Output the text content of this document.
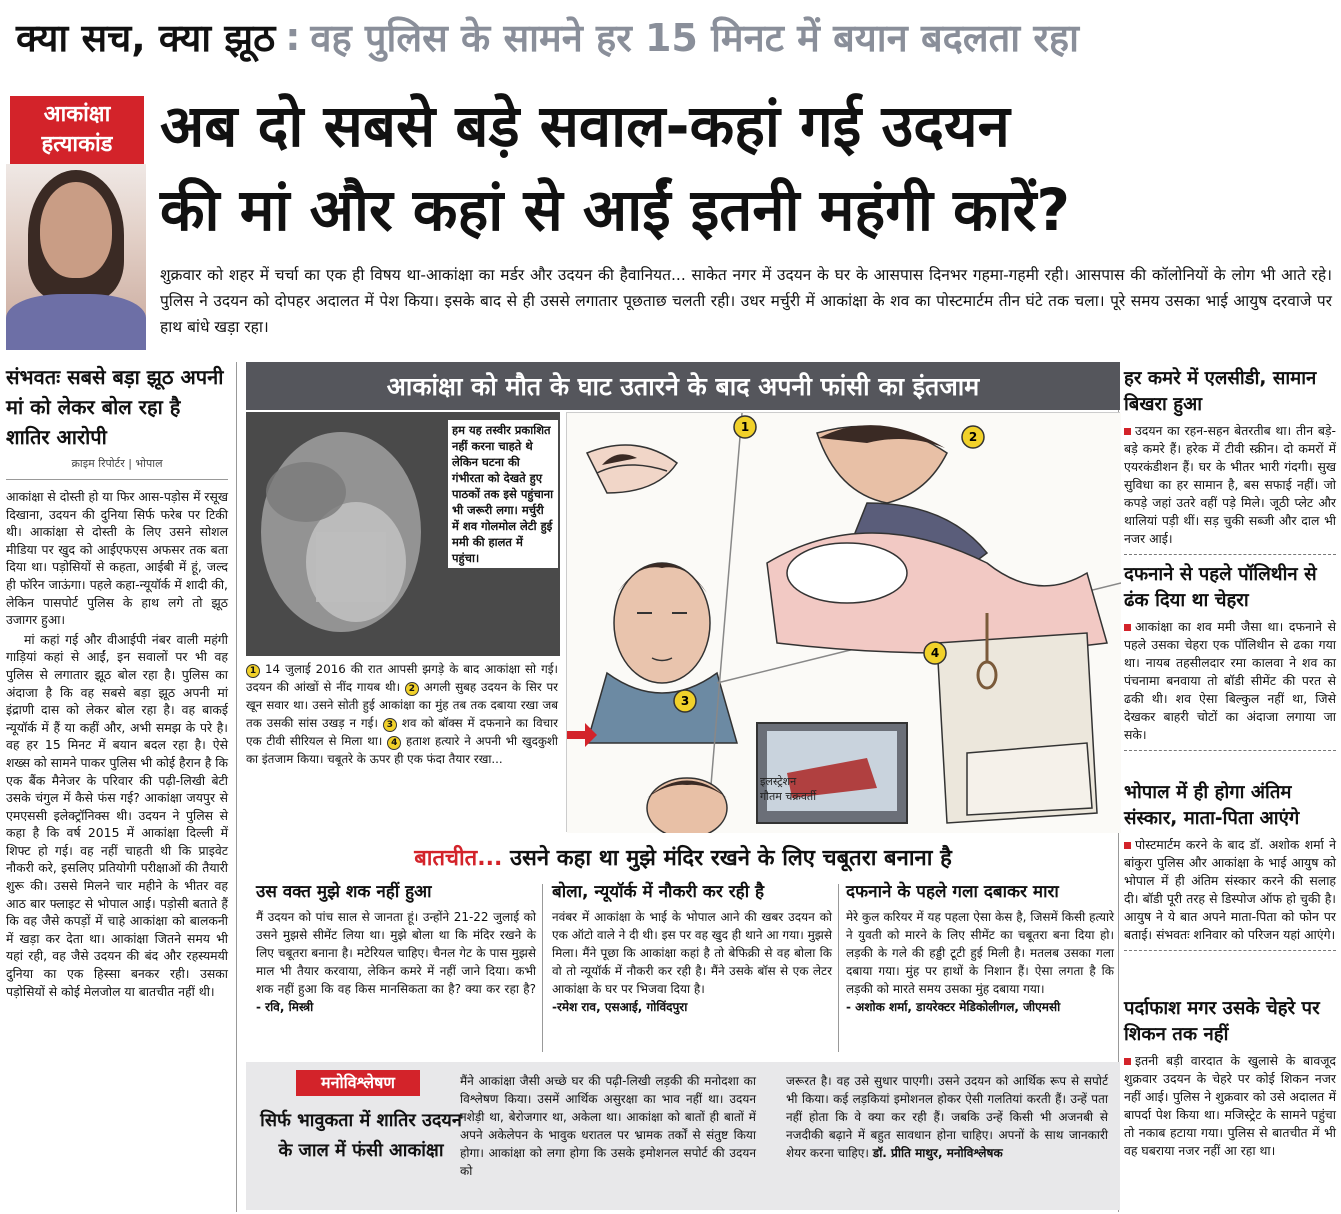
क्या सच, क्या झूठ : वह पुलिस के सामने हर 15 मिनट में बयान बदलता रहा
आकांक्षा
हत्याकांड अब दो सबसे बड़े सवाल-कहां गई उदयन
की मां और कहां से आईं इतनी महंगी कारें?
शुक्रवार को शहर में चर्चा का एक ही विषय था-आकांक्षा का मर्डर और उदयन की हैवानियत... साकेत नगर में उदयन के घर के आसपास दिनभर गहमा-गहमी रही। आसपास की कॉलोनियों के लोग भी आते रहे। पुलिस ने उदयन को दोपहर अदालत में पेश किया। इसके बाद से ही उससे लगातार पूछताछ चलती रही। उधर मर्चुरी में आकांक्षा के शव का पोस्टमार्टम तीन घंटे तक चला। पूरे समय उसका भाई आयुष दरवाजे पर हाथ बांधे खड़ा रहा।
संभवतः सबसे बड़ा झूठ अपनी मां को लेकर बोल रहा है शातिर आरोपी
क्राइम रिपोर्टर | भोपाल
आकांक्षा से दोस्ती हो या फिर आस-पड़ोस में रसूख दिखाना, उदयन की दुनिया सिर्फ फरेब पर टिकी थी। आकांक्षा से दोस्ती के लिए उसने सोशल मीडिया पर खुद को आईएफएस अफसर तक बता दिया था। पड़ोसियों से कहता, आईबी में हूं, जल्द ही फॉरेन जाऊंगा। पहले कहा-न्यूयॉर्क में शादी की, लेकिन पासपोर्ट पुलिस के हाथ लगे तो झूठ उजागर हुआ।
मां कहां गई और वीआईपी नंबर वाली महंगी गाड़ियां कहां से आईं, इन सवालों पर भी वह पुलिस से लगातार झूठ बोल रहा है। पुलिस का अंदाजा है कि वह सबसे बड़ा झूठ अपनी मां इंद्राणी दास को लेकर बोल रहा है। वह बाकई न्यूयॉर्क में हैं या कहीं और, अभी समझ के परे है। वह हर 15 मिनट में बयान बदल रहा है। ऐसे शख्स को सामने पाकर पुलिस भी कोई हैरान है कि एक बैंक मैनेजर के परिवार की पढ़ी-लिखी बेटी उसके चंगुल में कैसे फंस गई? आकांक्षा जयपुर से एमएससी इलेक्ट्रॉनिक्स थी। उदयन ने पुलिस से कहा है कि वर्ष 2015 में आकांक्षा दिल्ली में शिफ्ट हो गई। वह नहीं चाहती थी कि प्राइवेट नौकरी करे, इसलिए प्रतियोगी परीक्षाओं की तैयारी शुरू की। उससे मिलने चार महीने के भीतर वह आठ बार फ्लाइट से भोपाल आई। पड़ोसी बताते हैं कि वह जैसे कपड़ों में चाहे आकांक्षा को बालकनी में खड़ा कर देता था। आकांक्षा जितने समय भी यहां रही, वह जैसे उदयन की बंद और रहस्यमयी दुनिया का एक हिस्सा बनकर रही। उसका पड़ोसियों से कोई मेलजोल या बातचीत नहीं थी।
आकांक्षा को मौत के घाट उतारने के बाद अपनी फांसी का इंतजाम
हम यह तस्वीर प्रकाशित नहीं करना चाहते थे लेकिन घटना की गंभीरता को देखते हुए पाठकों तक इसे पहुंचाना भी जरूरी लगा। मर्चुरी में शव गोलमोल लेटी हुई ममी की हालत में पहुंचा।
1 14 जुलाई 2016 की रात आपसी झगड़े के बाद आकांक्षा सो गई। उदयन की आंखों से नींद गायब थी। 2 अगली सुबह उदयन के सिर पर खून सवार था। उसने सोती हुई आकांक्षा का मुंह तब तक दबाया रखा जब तक उसकी सांस उखड़ न गई। 3 शव को बॉक्स में दफनाने का विचार एक टीवी सीरियल से मिला था। 4 हताश हत्यारे ने अपनी भी खुदकुशी का इंतजाम किया। चबूतरे के ऊपर ही एक फंदा तैयार रखा...
1
2
3
4
इलस्ट्रेशन
गौतम चक्रवर्ती
बातचीत... उसने कहा था मुझे मंदिर रखने के लिए चबूतरा बनाना है
उस वक्त मुझे शक नहीं हुआ
मैं उदयन को पांच साल से जानता हूं। उन्होंने 21-22 जुलाई को उसने मुझसे सीमेंट लिया था। मुझे बोला था कि मंदिर रखने के लिए चबूतरा बनाना है। मटेरियल चाहिए। चैनल गेट के पास मुझसे माल भी तैयार करवाया, लेकिन कमरे में नहीं जाने दिया। कभी शक नहीं हुआ कि वह किस मानसिकता का है? क्या कर रहा है? - रवि, मिस्त्री
बोला, न्यूयॉर्क में नौकरी कर रही है
नवंबर में आकांक्षा के भाई के भोपाल आने की खबर उदयन को एक ऑटो वाले ने दी थी। इस पर वह खुद ही थाने आ गया। मुझसे मिला। मैंने पूछा कि आकांक्षा कहां है तो बेफिक्री से वह बोला कि वो तो न्यूयॉर्क में नौकरी कर रही है। मैंने उसके बॉस से एक लेटर आकांक्षा के घर पर भिजवा दिया है।
-रमेश राव, एसआई, गोविंदपुरा
दफनाने के पहले गला दबाकर मारा
मेरे कुल करियर में यह पहला ऐसा केस है, जिसमें किसी हत्यारे ने युवती को मारने के लिए सीमेंट का चबूतरा बना दिया हो। लड़की के गले की हड्डी टूटी हुई मिली है। मतलब उसका गला दबाया गया। मुंह पर हाथों के निशान हैं। ऐसा लगता है कि लड़की को मारते समय उसका मुंह दबाया गया।
- अशोक शर्मा, डायरेक्टर मेडिकोलीगल, जीएमसी
मनोविश्लेषण
सिर्फ भावुकता में शातिर उदयन के जाल में फंसी आकांक्षा
मैंने आकांक्षा जैसी अच्छे घर की पढ़ी-लिखी लड़की की मनोदशा का विश्लेषण किया। उसमें आर्थिक असुरक्षा का भाव नहीं था। उदयन नशेड़ी था, बेरोजगार था, अकेला था। आकांक्षा को बातों ही बातों में अपने अकेलेपन के भावुक धरातल पर भ्रामक तर्कों से संतुष्ट किया होगा। आकांक्षा को लगा होगा कि उसके इमोशनल सपोर्ट की उदयन को
जरूरत है। वह उसे सुधार पाएगी। उसने उदयन को आर्थिक रूप से सपोर्ट भी किया। कई लड़कियां इमोशनल होकर ऐसी गलतियां करती हैं। उन्हें पता नहीं होता कि वे क्या कर रही हैं। जबकि उन्हें किसी भी अजनबी से नजदीकी बढ़ाने में बहुत सावधान होना चाहिए। अपनों के साथ जानकारी शेयर करना चाहिए। डॉ. प्रीति माथुर, मनोविश्लेषक
हर कमरे में एलसीडी, सामान बिखरा हुआ
उदयन का रहन-सहन बेतरतीब था। तीन बड़े-बड़े कमरे हैं। हरेक में टीवी स्क्रीन। दो कमरों में एयरकंडीशन हैं। घर के भीतर भारी गंदगी। सुख सुविधा का हर सामान है, बस सफाई नहीं। जो कपड़े जहां उतरे वहीं पड़े मिले। जूठी प्लेट और थालियां पड़ी थीं। सड़ चुकी सब्जी और दाल भी नजर आई।
दफनाने से पहले पॉलिथीन से ढंक दिया था चेहरा
आकांक्षा का शव ममी जैसा था। दफनाने से पहले उसका चेहरा एक पॉलिथीन से ढका गया था। नायब तहसीलदार रमा कालवा ने शव का पंचनामा बनवाया तो बॉडी सीमेंट की परत से ढकी थी। शव ऐसा बिल्कुल नहीं था, जिसे देखकर बाहरी चोटों का अंदाजा लगाया जा सके।
भोपाल में ही होगा अंतिम संस्कार, माता-पिता आएंगे
पोस्टमार्टम करने के बाद डॉ. अशोक शर्मा ने बांकुरा पुलिस और आकांक्षा के भाई आयुष को भोपाल में ही अंतिम संस्कार करने की सलाह दी। बॉडी पूरी तरह से डिस्पोज ऑफ हो चुकी है। आयुष ने ये बात अपने माता-पिता को फोन पर बताई। संभवतः शनिवार को परिजन यहां आएंगे।
पर्दाफाश मगर उसके चेहरे पर शिकन तक नहीं
इतनी बड़ी वारदात के खुलासे के बावजूद शुक्रवार उदयन के चेहरे पर कोई शिकन नजर नहीं आई। पुलिस ने शुक्रवार को उसे अदालत में बापर्दा पेश किया था। मजिस्ट्रेट के सामने पहुंचा तो नकाब हटाया गया। पुलिस से बातचीत में भी वह घबराया नजर नहीं आ रहा था।
